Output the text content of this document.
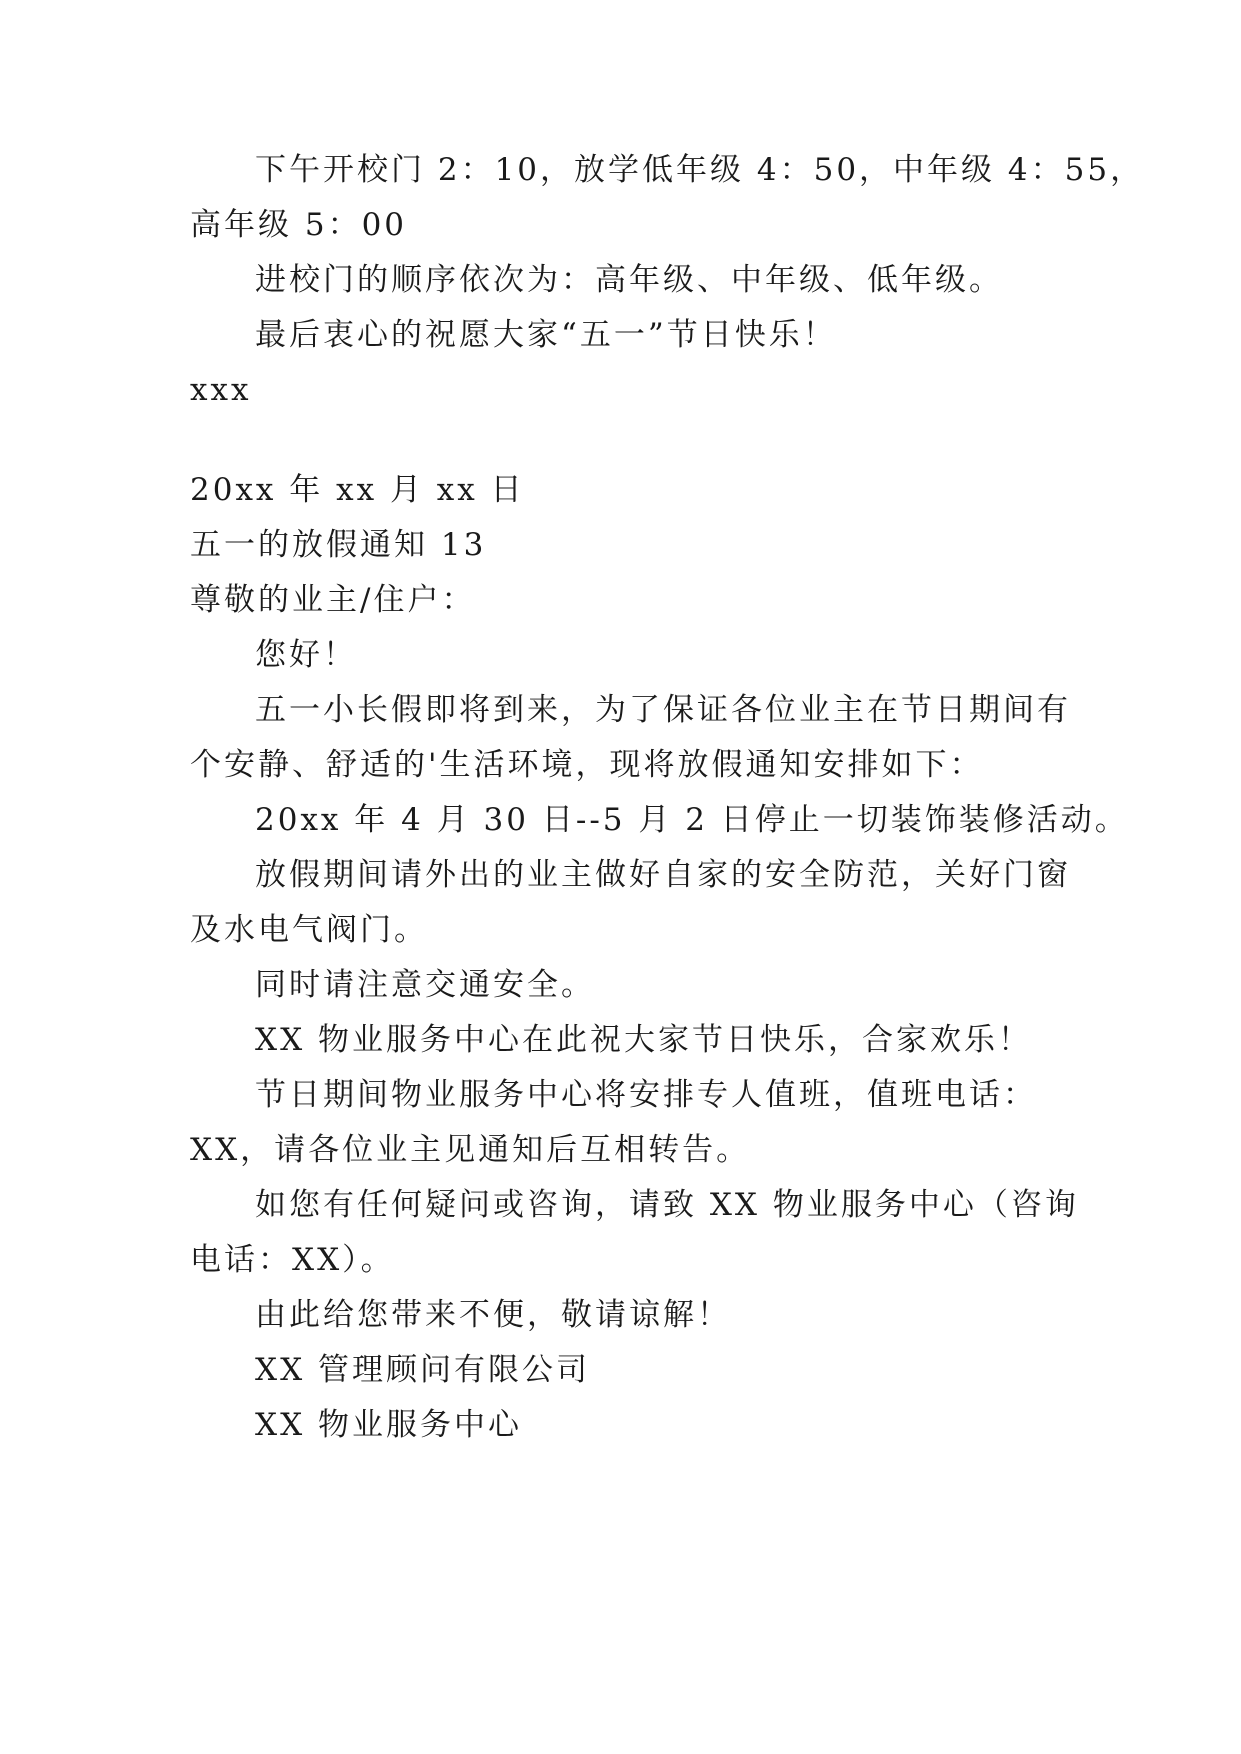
下午开校门 2：10，放学低年级 4：50，中年级 4：55，
高年级 5：00
进校门的顺序依次为：高年级、中年级、低年级。
最后衷心的祝愿大家“五一”节日快乐！
xxx
20xx 年 xx 月 xx 日
五一的放假通知 13
尊敬的业主/住户：
您好！
五一小长假即将到来，为了保证各位业主在节日期间有
个安静、舒适的'生活环境，现将放假通知安排如下：
20xx 年 4 月 30 日--5 月 2 日停止一切装饰装修活动。
放假期间请外出的业主做好自家的安全防范，关好门窗
及水电气阀门。
同时请注意交通安全。
XX 物业服务中心在此祝大家节日快乐，合家欢乐！
节日期间物业服务中心将安排专人值班，值班电话：
XX，请各位业主见通知后互相转告。
如您有任何疑问或咨询，请致 XX 物业服务中心（咨询
电话：XX）。
由此给您带来不便，敬请谅解！
XX 管理顾问有限公司
XX 物业服务中心
